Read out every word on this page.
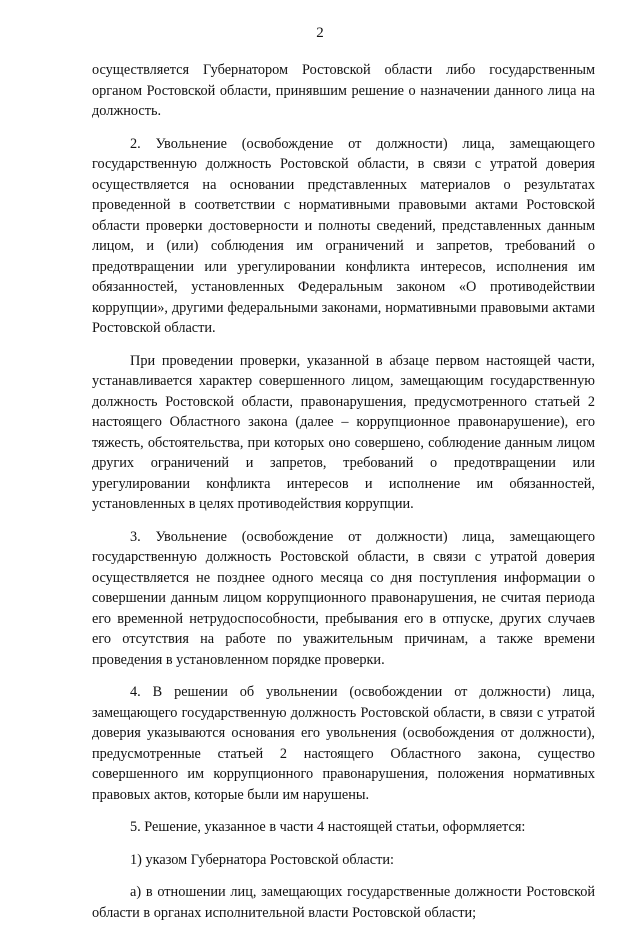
2

осуществляется Губернатором Ростовской области либо государственным органом Ростовской области, принявшим решение о назначении данного лица на должность.

2. Увольнение (освобождение от должности) лица, замещающего государственную должность Ростовской области, в связи с утратой доверия осуществляется на основании представленных материалов о результатах проведенной в соответствии с нормативными правовыми актами Ростовской области проверки достоверности и полноты сведений, представленных данным лицом, и (или) соблюдения им ограничений и запретов, требований о предотвращении или урегулировании конфликта интересов, исполнения им обязанностей, установленных Федеральным законом «О противодействии коррупции», другими федеральными законами, нормативными правовыми актами Ростовской области.

При проведении проверки, указанной в абзаце первом настоящей части, устанавливается характер совершенного лицом, замещающим государственную должность Ростовской области, правонарушения, предусмотренного статьей 2 настоящего Областного закона (далее – коррупционное правонарушение), его тяжесть, обстоятельства, при которых оно совершено, соблюдение данным лицом других ограничений и запретов, требований о предотвращении или урегулировании конфликта интересов и исполнение им обязанностей, установленных в целях противодействия коррупции.

3. Увольнение (освобождение от должности) лица, замещающего государственную должность Ростовской области, в связи с утратой доверия осуществляется не позднее одного месяца со дня поступления информации о совершении данным лицом коррупционного правонарушения, не считая периода его временной нетрудоспособности, пребывания его в отпуске, других случаев его отсутствия на работе по уважительным причинам, а также времени проведения в установленном порядке проверки.

4. В решении об увольнении (освобождении от должности) лица, замещающего государственную должность Ростовской области, в связи с утратой доверия указываются основания его увольнения (освобождения от должности), предусмотренные статьей 2 настоящего Областного закона, существо совершенного им коррупционного правонарушения, положения нормативных правовых актов, которые были им нарушены.

5. Решение, указанное в части 4 настоящей статьи, оформляется:

1) указом Губернатора Ростовской области:

а) в отношении лиц, замещающих государственные должности Ростовской области в органах исполнительной власти Ростовской области;
